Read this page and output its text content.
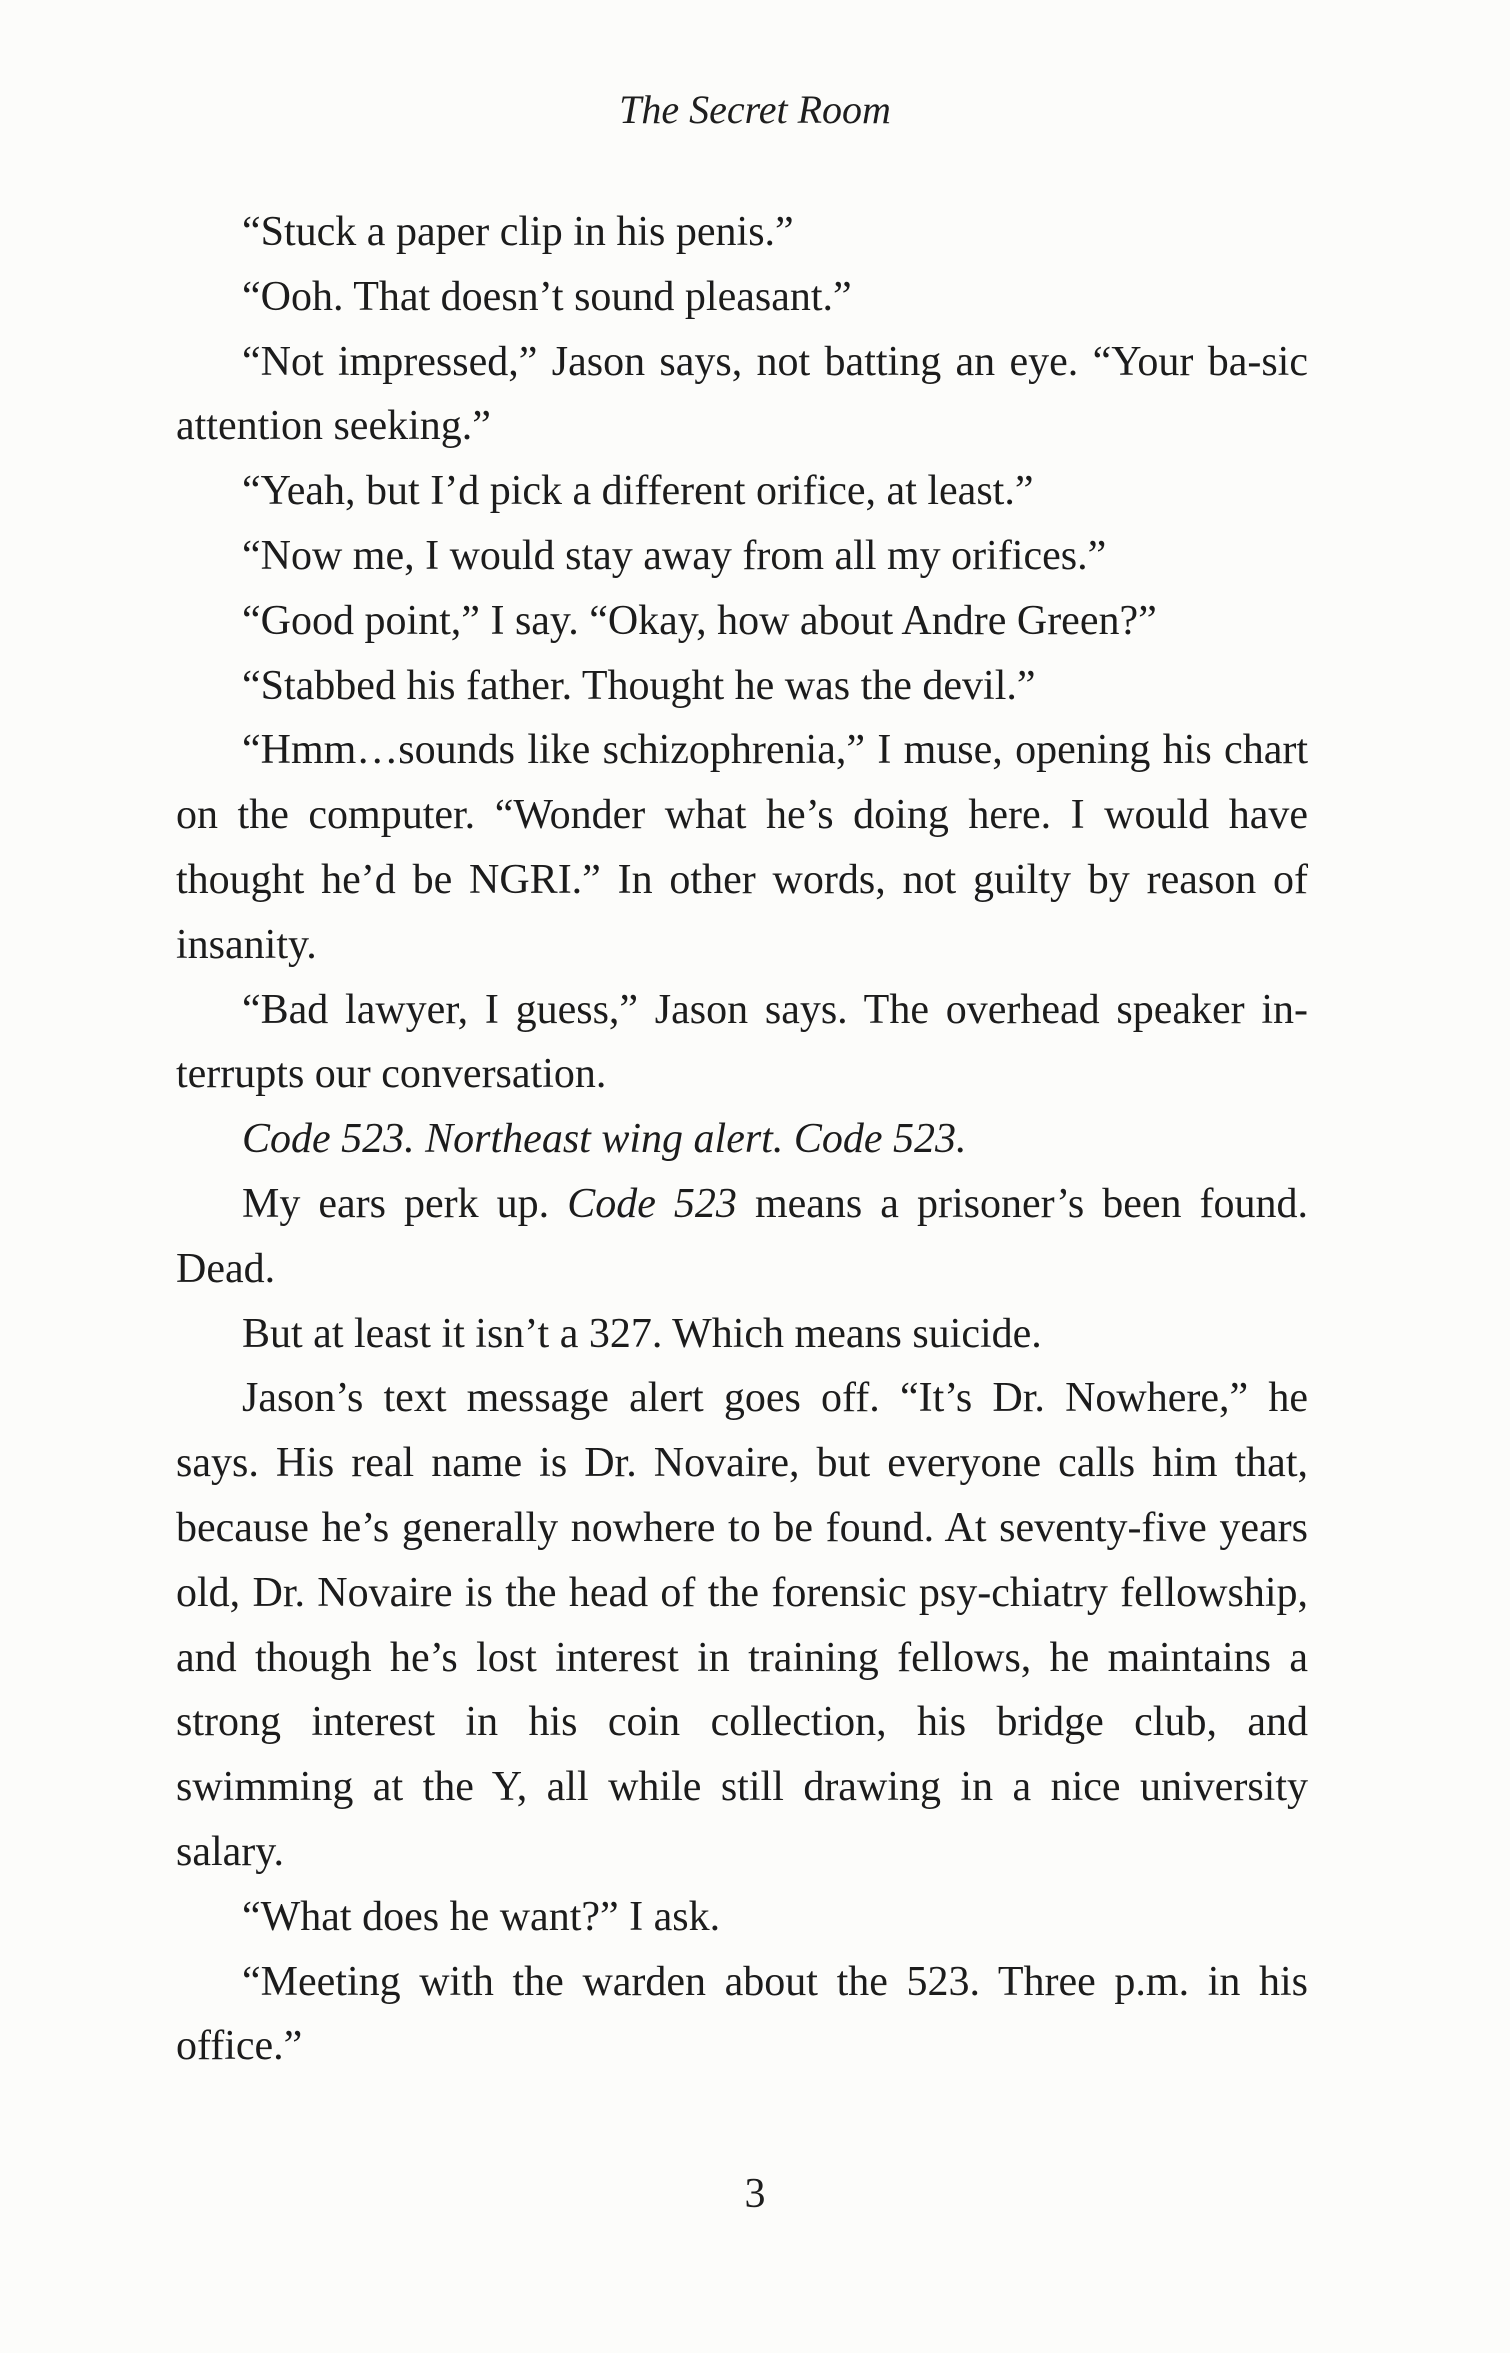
The Secret Room

“Stuck a paper clip in his penis.”

“Ooh. That doesn’t sound pleasant.”

“Not impressed,” Jason says, not batting an eye. “Your ba-sic attention seeking.”

“Yeah, but I’d pick a different orifice, at least.”

“Now me, I would stay away from all my orifices.”

“Good point,” I say. “Okay, how about Andre Green?”

“Stabbed his father. Thought he was the devil.”

“Hmm…sounds like schizophrenia,” I muse, opening his chart on the computer. “Wonder what he’s doing here. I would have thought he’d be NGRI.” In other words, not guilty by reason of insanity.

“Bad lawyer, I guess,” Jason says. The overhead speaker in-terrupts our conversation.

Code 523. Northeast wing alert. Code 523.

My ears perk up. Code 523 means a prisoner’s been found. Dead.

But at least it isn’t a 327. Which means suicide.

Jason’s text message alert goes off. “It’s Dr. Nowhere,” he says. His real name is Dr. Novaire, but everyone calls him that, because he’s generally nowhere to be found. At seventy-five years old, Dr. Novaire is the head of the forensic psy-chiatry fellowship, and though he’s lost interest in training fellows, he maintains a strong interest in his coin collection, his bridge club, and swimming at the Y, all while still drawing in a nice university salary.

“What does he want?” I ask.

“Meeting with the warden about the 523. Three p.m. in his office.”

3
